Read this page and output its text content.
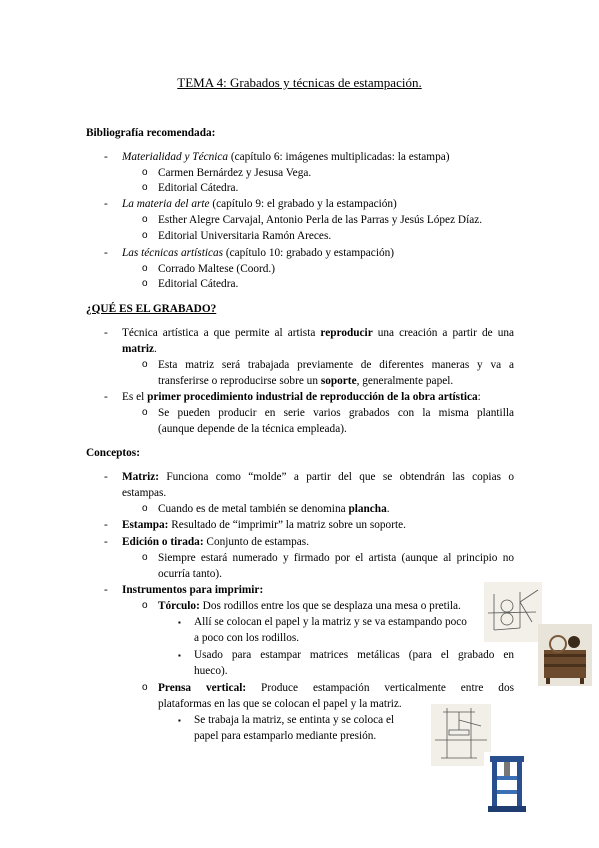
TEMA 4: Grabados y técnicas de estampación.
Bibliografía recomendada:
- Materialidad y Técnica (capítulo 6: imágenes multiplicadas: la estampa)
o Carmen Bernárdez y Jesusa Vega.
o Editorial Cátedra.
- La materia del arte (capítulo 9: el grabado y la estampación)
o Esther Alegre Carvajal, Antonio Perla de las Parras y Jesús López Díaz.
o Editorial Universitaria Ramón Areces.
- Las técnicas artísticas (capítulo 10: grabado y estampación)
o Corrado Maltese (Coord.)
o Editorial Cátedra.
¿QUÉ ES EL GRABADO?
- Técnica artística a que permite al artista reproducir una creación a partir de una
matriz.
o Esta matriz será trabajada previamente de diferentes maneras y va a
transferirse o reproducirse sobre un soporte, generalmente papel.
- Es el primer procedimiento industrial de reproducción de la obra artística:
o Se pueden producir en serie varios grabados con la misma plantilla
(aunque depende de la técnica empleada).
Conceptos:
- Matriz: Funciona como “molde” a partir del que se obtendrán las copias o
estampas.
o Cuando es de metal también se denomina plancha.
- Estampa: Resultado de “imprimir” la matriz sobre un soporte.
- Edición o tirada: Conjunto de estampas.
o Siempre estará numerado y firmado por el artista (aunque al principio no
ocurría tanto).
- Instrumentos para imprimir:
o Tórculo: Dos rodillos entre los que se desplaza una mesa o pretila.
▪ Allí se colocan el papel y la matriz y se va estampando poco
a poco con los rodillos.
▪ Usado para estampar matrices metálicas (para el grabado en
hueco).
o Prensa vertical: Produce estampación verticalmente entre dos
plataformas en las que se colocan el papel y la matriz.
▪ Se trabaja la matriz, se entinta y se coloca el
papel para estamparlo mediante presión.
